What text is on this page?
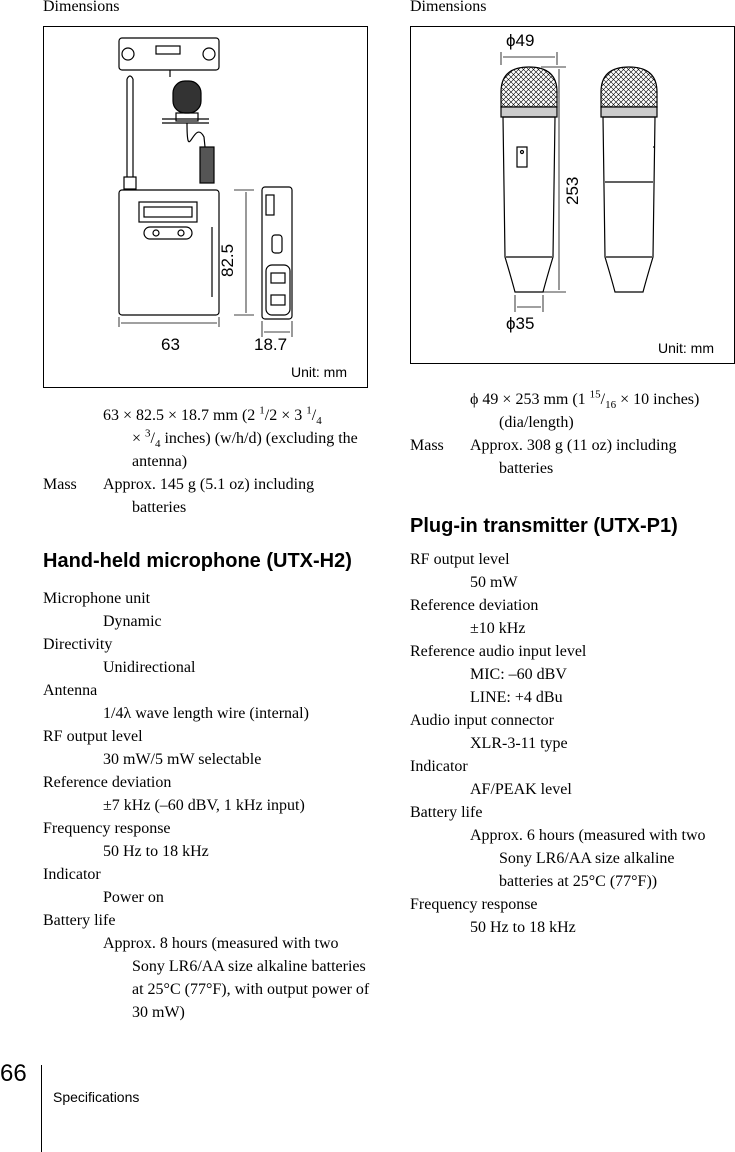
Dimensions
63
82.5
18.7
Unit: mm
63 × 82.5 × 18.7 mm (2 $^1$/2 × 3 $^1/_4$
× $^3/_4$ inches) (w/h/d) (excluding the antenna)
Mass	Approx. 145 g (5.1 oz) including batteries
Hand-held microphone (UTX-H2)
Microphone unit
Dynamic
Directivity
Unidirectional
Antenna
1/4λ wave length wire (internal)
RF output level
30 mW/5 mW selectable
Reference deviation
±7 kHz (–60 dBV, 1 kHz input)
Frequency response
50 Hz to 18 kHz
Indicator
Power on
Battery life
Approx. 8 hours (measured with two Sony LR6/AA size alkaline batteries at 25°C (77°F), with output power of 30 mW)
Dimensions
ϕ49
253
ϕ35
Unit: mm
ϕ 49 × 253 mm (1 $^{15}/_{16} \times 10$ inches) (dia/length)
Mass	Approx. 308 g (11 oz) including batteries
Plug-in transmitter (UTX-P1)
RF output level
50 mW
Reference deviation
±10 kHz
Reference audio input level
MIC: –60 dBV
LINE: +4 dBu
Audio input connector
XLR-3-11 type
Indicator
AF/PEAK level
Battery life
Approx. 6 hours (measured with two Sony LR6/AA size alkaline batteries at 25°C (77°F))
Frequency response
50 Hz to 18 kHz
66
Specifications
